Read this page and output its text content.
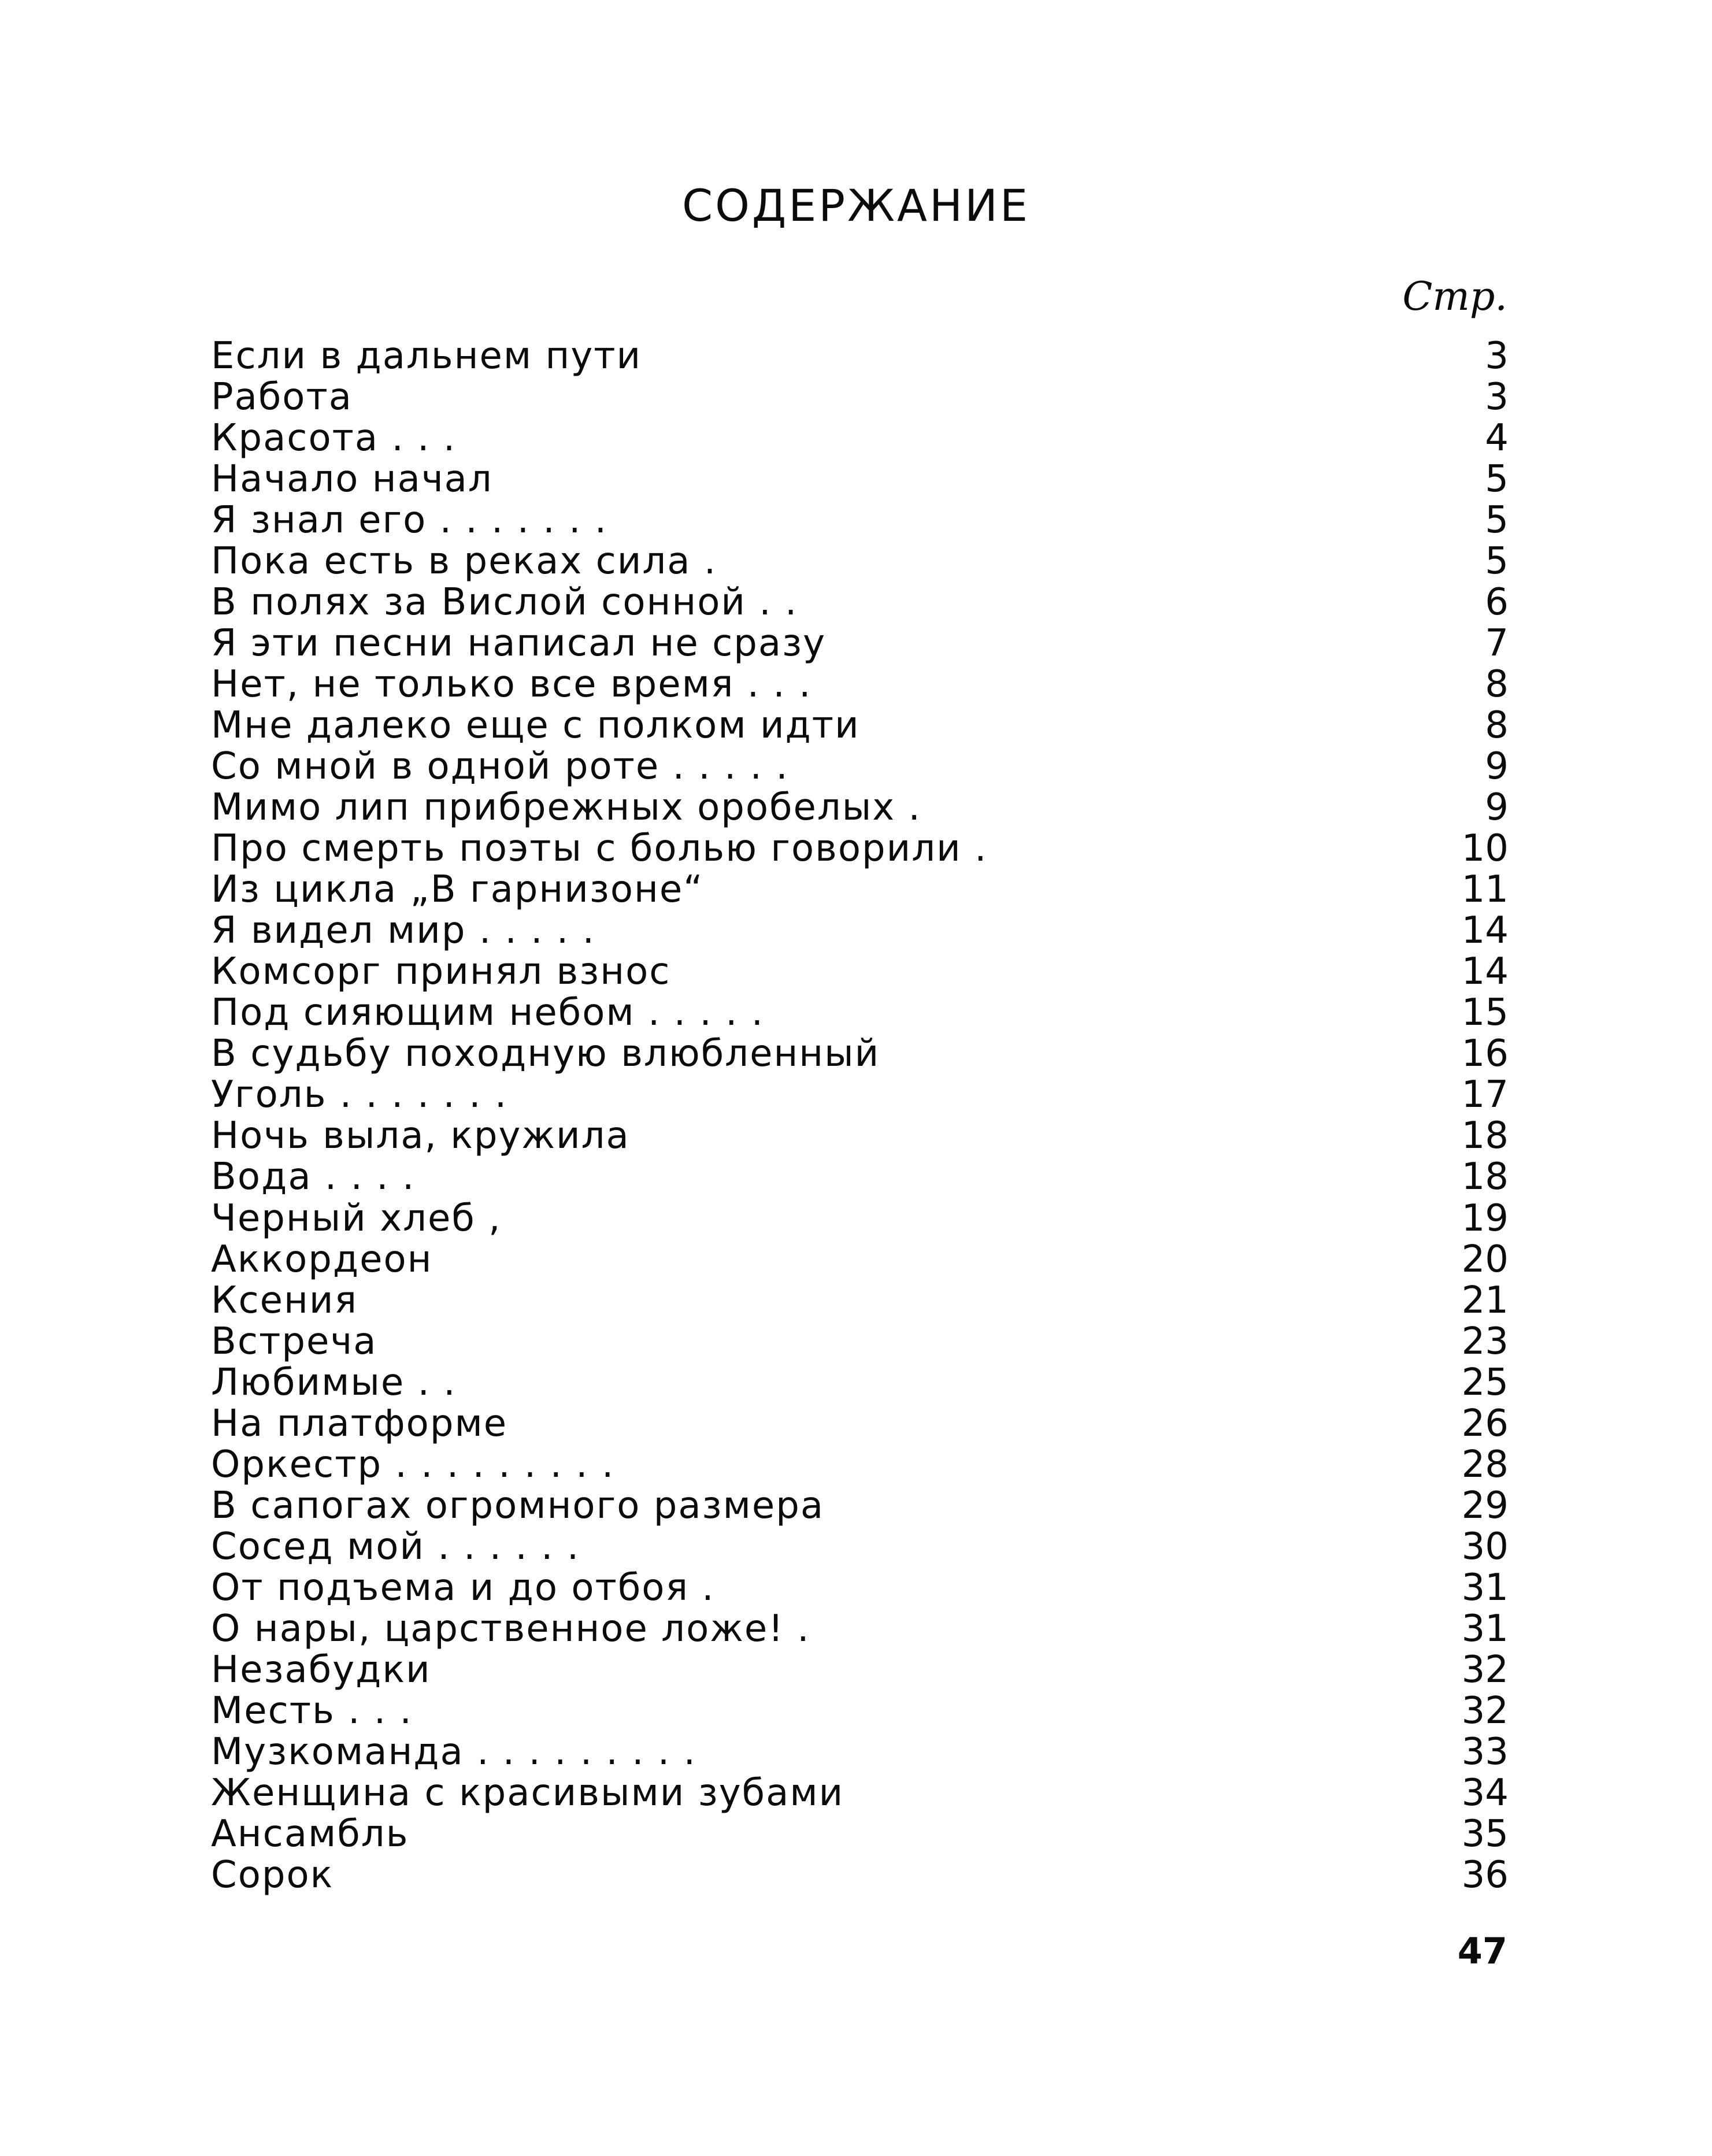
СОДЕРЖАНИЕ
Стр.
Если в дальнем пути	3
Работа	3
Красота . . .	4
Начало начал	5
Я знал его . . . . . . .	5
Пока есть в реках сила .	5
В полях за Вислой сонной . .	6
Я эти песни написал не сразу	7
Нет, не только все время . . .	8
Мне далеко еще с полком идти	8
Со мной в одной роте . . . . .	9
Мимо лип прибрежных оробелых .	9
Про смерть поэты с болью говорили .	10
Из цикла „В гарнизоне“	11
Я видел мир . . . . .	14
Комсорг принял взнос	14
Под сияющим небом . . . . .	15
В судьбу походную влюбленный	16
Уголь . . . . . . .	17
Ночь выла, кружила	18
Вода . . . .	18
Черный хлеб ,	19
Аккордеон	20
Ксения	21
Встреча	23
Любимые . .	25
На платформе	26
Оркестр . . . . . . . . .	28
В сапогах огромного размера	29
Сосед мой . . . . . .	30
От подъема и до отбоя .	31
О нары, царственное ложе! .	31
Незабудки	32
Месть . . .	32
Музкоманда . . . . . . . . .	33
Женщина с красивыми зубами	34
Ансамбль	35
Сорок	36
47
